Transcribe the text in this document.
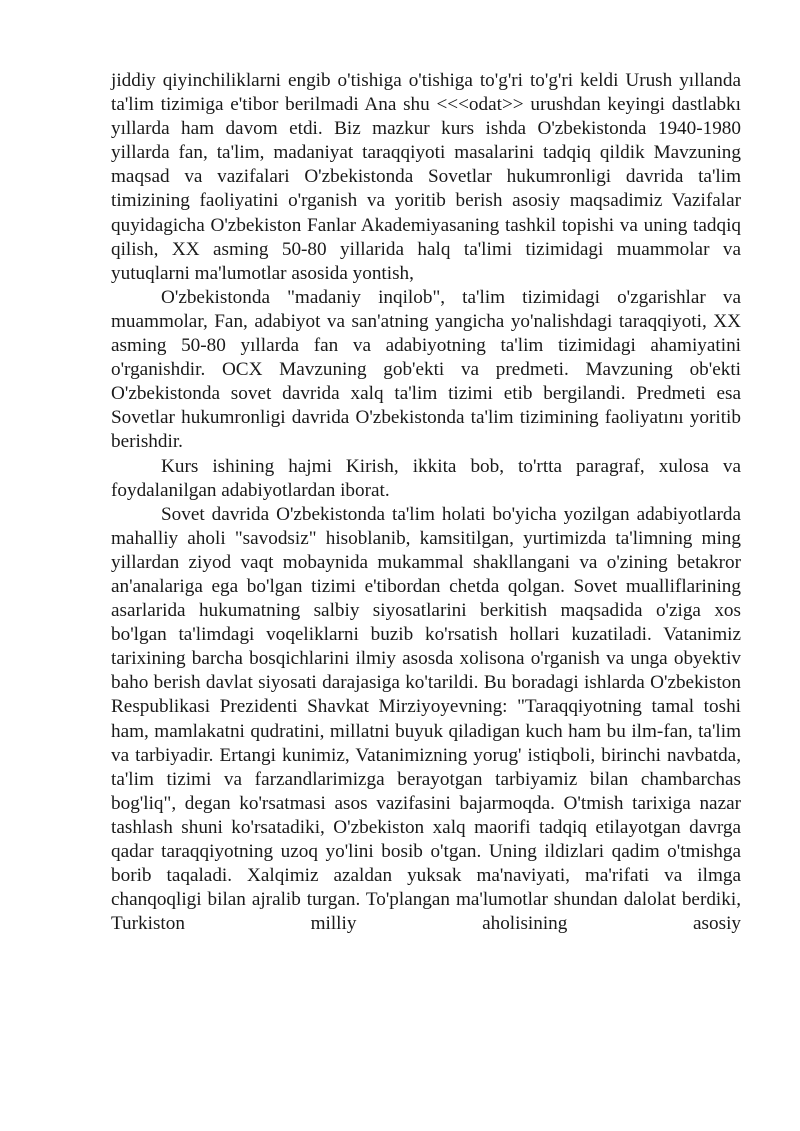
jiddiy qiyinchiliklarni engib o'tishiga o'tishiga to'g'ri to'g'ri keldi Urush yıllanda ta'lim tizimiga e'tibor berilmadi Ana shu <<<odat>> urushdan keyingi dastlabkı yıllarda ham davom etdi. Biz mazkur kurs ishda O'zbekistonda 1940-1980 yillarda fan, ta'lim, madaniyat taraqqiyoti masalarini tadqiq qildik Mavzuning maqsad va vazifalari O'zbekistonda Sovetlar hukumronligi davrida ta'lim timizining faoliyatini o'rganish va yoritib berish asosiy maqsadimiz Vazifalar quyidagicha O'zbekiston Fanlar Akademiyasaning tashkil topishi va uning tadqiq qilish, XX asming 50-80 yillarida halq ta'limi tizimidagi muammolar va yutuqlarni ma'lumotlar asosida yontish,

O'zbekistonda "madaniy inqilob", ta'lim tizimidagi o'zgarishlar va muammolar, Fan, adabiyot va san'atning yangicha yo'nalishdagi taraqqiyoti, XX asming 50-80 yıllarda fan va adabiyotning ta'lim tizimidagi ahamiyatini o'rganishdir. OCX Mavzuning gob'ekti va predmeti. Mavzuning ob'ekti O'zbekistonda sovet davrida xalq ta'lim tizimi etib bergilandi. Predmeti esa Sovetlar hukumronligi davrida O'zbekistonda ta'lim tizimining faoliyatını yoritib berishdir.

Kurs ishining hajmi Kirish, ikkita bob, to'rtta paragraf, xulosa va foydalanilgan adabiyotlardan iborat.

Sovet davrida O'zbekistonda ta'lim holati bo'yicha yozilgan adabiyotlarda mahalliy aholi "savodsiz" hisoblanib, kamsitilgan, yurtimizda ta'limning ming yillardan ziyod vaqt mobaynida mukammal shakllangani va o'zining betakror an'analariga ega bo'lgan tizimi e'tibordan chetda qolgan. Sovet mualliflarining asarlarida hukumatning salbiy siyosatlarini berkitish maqsadida o'ziga xos bo'lgan ta'limdagi voqeliklarni buzib ko'rsatish hollari kuzatiladi. Vatanimiz tarixining barcha bosqichlarini ilmiy asosda xolisona o'rganish va unga obyektiv baho berish davlat siyosati darajasiga ko'tarildi. Bu boradagi ishlarda O'zbekiston Respublikasi Prezidenti Shavkat Mirziyoyevning: "Taraqqiyotning tamal toshi ham, mamlakatni qudratini, millatni buyuk qiladigan kuch ham bu ilm-fan, ta'lim va tarbiyadir. Ertangi kunimiz, Vatanimizning yorug' istiqboli, birinchi navbatda, ta'lim tizimi va farzandlarimizga berayotgan tarbiyamiz bilan chambarchas bog'liq", degan ko'rsatmasi asos vazifasini bajarmoqda. O'tmish tarixiga nazar tashlash shuni ko'rsatadiki, O'zbekiston xalq maorifi tadqiq etilayotgan davrga qadar taraqqiyotning uzoq yo'lini bosib o'tgan. Uning ildizlari qadim o'tmishga borib taqaladi. Xalqimiz azaldan yuksak ma'naviyati, ma'rifati va ilmga chanqoqligi bilan ajralib turgan. To'plangan ma'lumotlar shundan dalolat berdiki, Turkiston milliy aholisining asosiy
